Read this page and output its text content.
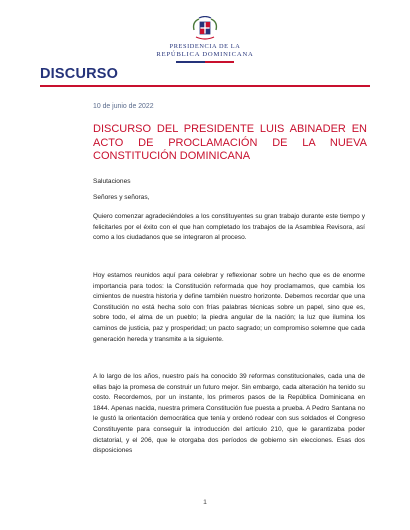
PRESIDENCIA DE LA
REPÚBLICA DOMINICANA
DISCURSO
10 de junio de 2022
DISCURSO DEL PRESIDENTE LUIS ABINADER EN ACTO DE PROCLAMACIÓN DE LA NUEVA CONSTITUCIÓN DOMINICANA
Salutaciones
Señores y señoras,
Quiero comenzar agradeciéndoles a los constituyentes su gran trabajo durante este tiempo y felicitarles por el éxito con el que han completado los trabajos de la Asamblea Revisora, así como a los ciudadanos que se integraron al proceso.
Hoy estamos reunidos aquí para celebrar y reflexionar sobre un hecho que es de enorme importancia para todos: la Constitución reformada que hoy proclamamos, que cambia los cimientos de nuestra historia y define también nuestro horizonte. Debemos recordar que una Constitución no está hecha solo con frías palabras técnicas sobre un papel, sino que es, sobre todo, el alma de un pueblo; la piedra angular de la nación; la luz que ilumina los caminos de justicia, paz y prosperidad; un pacto sagrado; un compromiso solemne que cada generación hereda y transmite a la siguiente.
A lo largo de los años, nuestro país ha conocido 39 reformas constitucionales, cada una de ellas bajo la promesa de construir un futuro mejor. Sin embargo, cada alteración ha tenido su costo. Recordemos, por un instante, los primeros pasos de la República Dominicana en 1844. Apenas nacida, nuestra primera Constitución fue puesta a prueba. A Pedro Santana no le gustó la orientación democrática que tenía y ordenó rodear con sus soldados el Congreso Constituyente para conseguir la introducción del artículo 210, que le garantizaba poder dictatorial, y el 206, que le otorgaba dos períodos de gobierno sin elecciones. Esas dos disposiciones
1
